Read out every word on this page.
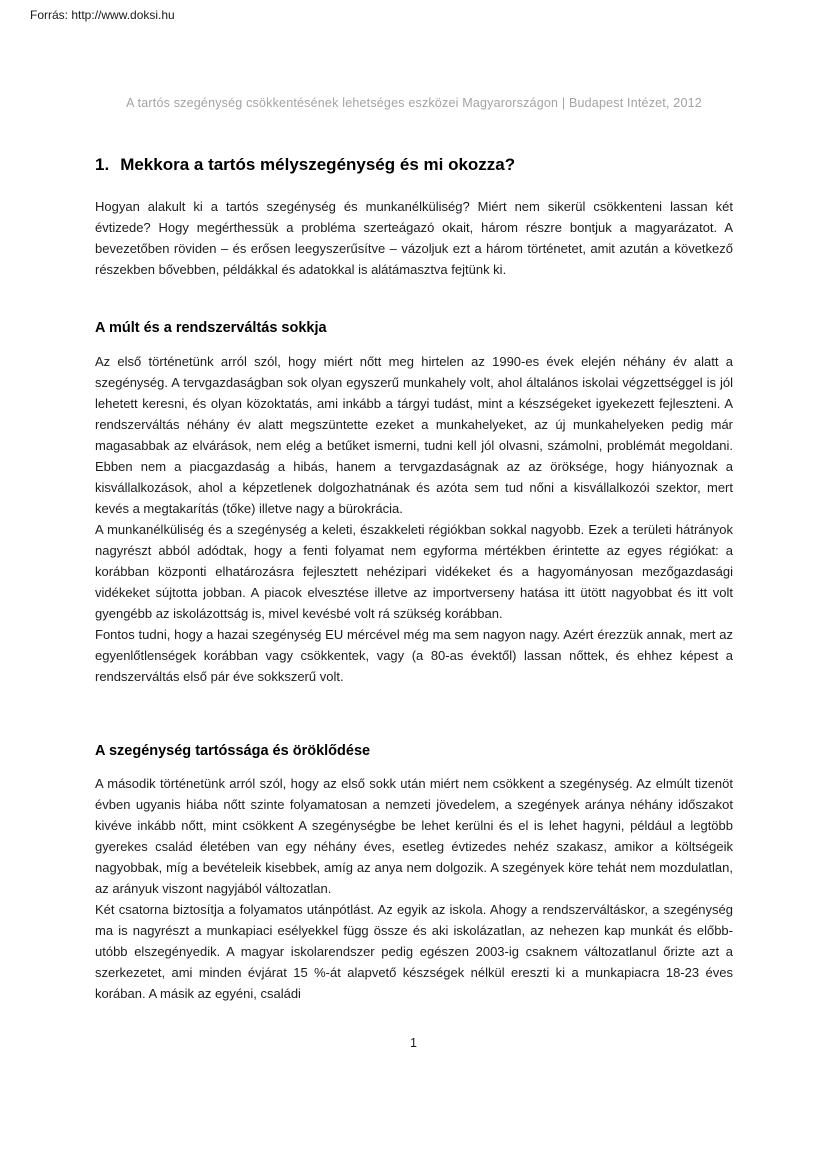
Forrás: http://www.doksi.hu
A tartós szegénység csökkentésének lehetséges eszközei Magyarországon | Budapest Intézet, 2012
1. Mekkora a tartós mélyszegénység és mi okozza?

Hogyan alakult ki a tartós szegénység és munkanélküliség? Miért nem sikerül csökkenteni lassan két évtizede? Hogy megérthessük a probléma szerteágazó okait, három részre bontjuk a magyarázatot. A bevezetőben röviden – és erősen leegyszerűsítve – vázoljuk ezt a három történetet, amit azután a következő részekben bővebben, példákkal és adatokkal is alátámasztva fejtünk ki.

A múlt és a rendszerváltás sokkja

Az első történetünk arról szól, hogy miért nőtt meg hirtelen az 1990-es évek elején néhány év alatt a szegénység. A tervgazdaságban sok olyan egyszerű munkahely volt, ahol általános iskolai végzettséggel is jól lehetett keresni, és olyan közoktatás, ami inkább a tárgyi tudást, mint a készségeket igyekezett fejleszteni. A rendszerváltás néhány év alatt megszüntette ezeket a munkahelyeket, az új munkahelyeken pedig már magasabbak az elvárások, nem elég a betűket ismerni, tudni kell jól olvasni, számolni, problémát megoldani. Ebben nem a piacgazdaság a hibás, hanem a tervgazdaságnak az az öröksége, hogy hiányoznak a kisvállalkozások, ahol a képzetlenek dolgozhatnának és azóta sem tud nőni a kisvállalkozói szektor, mert kevés a megtakarítás (tőke) illetve nagy a bürokrácia.

A munkanélküliség és a szegénység a keleti, északkeleti régiókban sokkal nagyobb. Ezek a területi hátrányok nagyrészt abból adódtak, hogy a fenti folyamat nem egyforma mértékben érintette az egyes régiókat: a korábban központi elhatározásra fejlesztett nehézipari vidékeket és a hagyományosan mezőgazdasági vidékeket sújtotta jobban. A piacok elvesztése illetve az importverseny hatása itt ütött nagyobbat és itt volt gyengébb az iskolázottság is, mivel kevésbé volt rá szükség korábban.

Fontos tudni, hogy a hazai szegénység EU mércével még ma sem nagyon nagy. Azért érezzük annak, mert az egyenlőtlenségek korábban vagy csökkentek, vagy (a 80-as évektől) lassan nőttek, és ehhez képest a rendszerváltás első pár éve sokkszerű volt.

A szegénység tartóssága és öröklődése

A második történetünk arról szól, hogy az első sokk után miért nem csökkent a szegénység. Az elmúlt tizenöt évben ugyanis hiába nőtt szinte folyamatosan a nemzeti jövedelem, a szegények aránya néhány időszakot kivéve inkább nőtt, mint csökkent A szegénységbe be lehet kerülni és el is lehet hagyni, például a legtöbb gyerekes család életében van egy néhány éves, esetleg évtizedes nehéz szakasz, amikor a költségeik nagyobbak, míg a bevételeik kisebbek, amíg az anya nem dolgozik. A szegények köre tehát nem mozdulatlan, az arányuk viszont nagyjából változatlan.

Két csatorna biztosítja a folyamatos utánpótlást. Az egyik az iskola. Ahogy a rendszerváltáskor, a szegénység ma is nagyrészt a munkapiaci esélyekkel függ össze és aki iskolázatlan, az nehezen kap munkát és előbb-utóbb elszegényedik. A magyar iskolarendszer pedig egészen 2003-ig csaknem változatlanul őrizte azt a szerkezetet, ami minden évjárat 15 %-át alapvető készségek nélkül ereszti ki a munkapiacra 18-23 éves korában. A másik az egyéni, családi

1
